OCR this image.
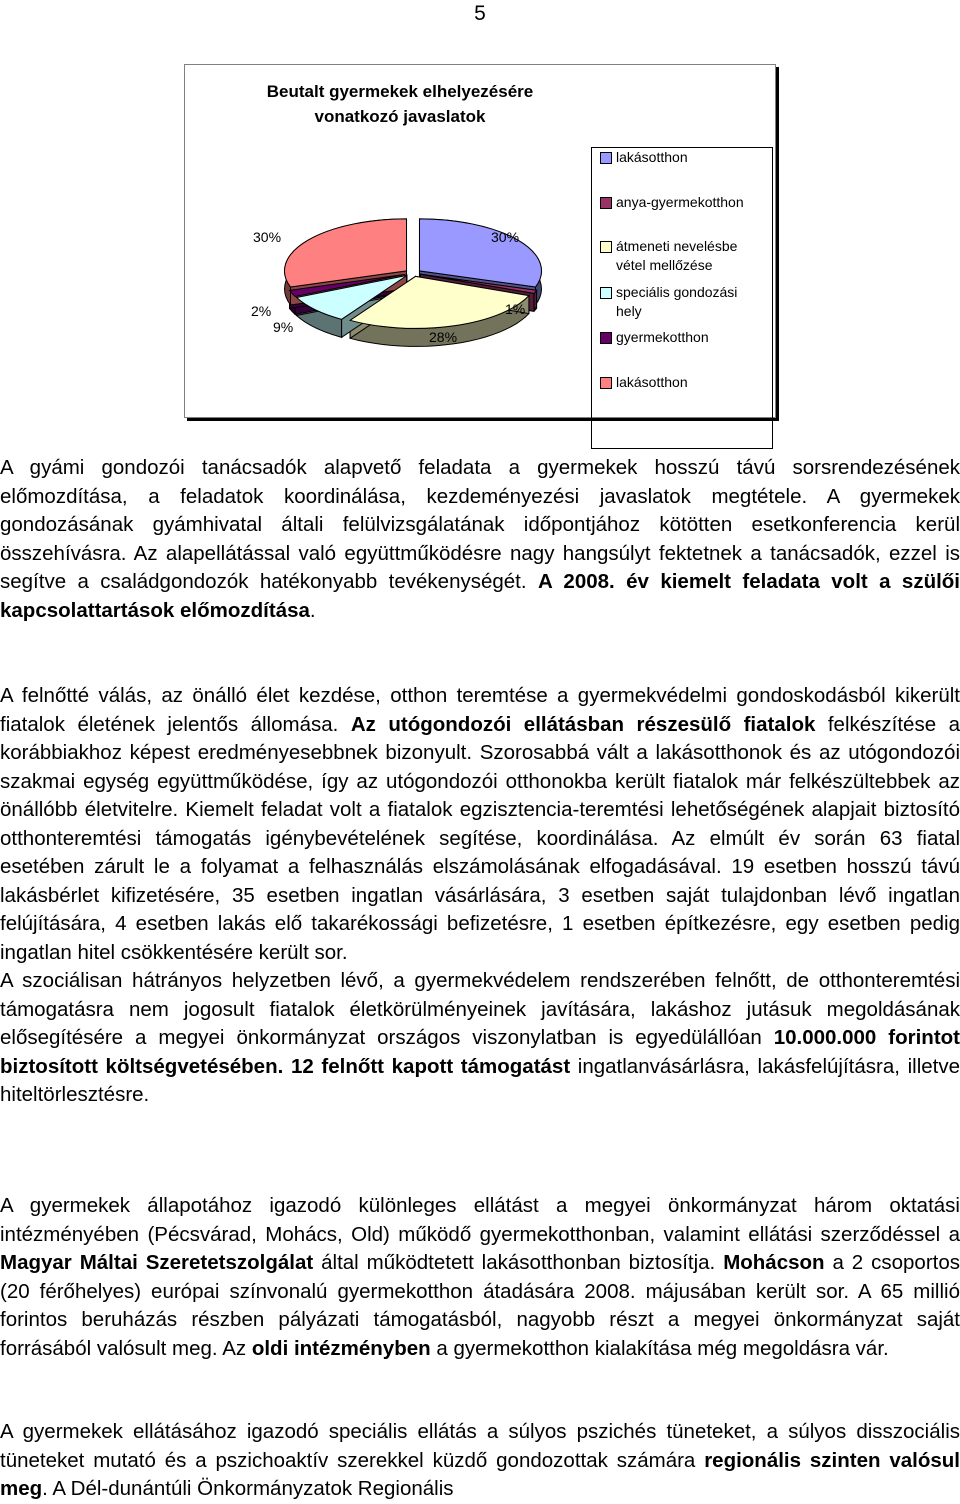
5
Beutalt gyermekek elhelyezésére vonatkozó javaslatok
30%
1%
28%
9%
2%
30%
lakásotthon
anya-gyermekotthon
átmeneti nevelésbe vétel mellőzése
speciális gondozási hely
gyermekotthon
lakásotthon

A gyámi gondozói tanácsadók alapvető feladata a gyermekek hosszú távú sorsrendezésének előmozdítása, a feladatok koordinálása, kezdeményezési javaslatok megtétele. A gyermekek gondozásának gyámhivatal általi felülvizsgálatának időpontjához kötötten esetkonferencia kerül összehívásra. Az alapellátással való együttműködésre nagy hangsúlyt fektetnek a tanácsadók, ezzel is segítve a családgondozók hatékonyabb tevékenységét. A 2008. év kiemelt feladata volt a szülői kapcsolattartások előmozdítása.

A felnőtté válás, az önálló élet kezdése, otthon teremtése a gyermekvédelmi gondoskodásból kikerült fiatalok életének jelentős állomása. Az utógondozói ellátásban részesülő fiatalok felkészítése a korábbiakhoz képest eredményesebbnek bizonyult. Szorosabbá vált a lakásotthonok és az utógondozói szakmai egység együttműködése, így az utógondozói otthonokba került fiatalok már felkészültebbek az önállóbb életvitelre. Kiemelt feladat volt a fiatalok egzisztencia-teremtési lehetőségének alapjait biztosító otthonteremtési támogatás igénybevételének segítése, koordinálása. Az elmúlt év során 63 fiatal esetében zárult le a folyamat a felhasználás elszámolásának elfogadásával. 19 esetben hosszú távú lakásbérlet kifizetésére, 35 esetben ingatlan vásárlására, 3 esetben saját tulajdonban lévő ingatlan felújítására, 4 esetben lakás elő takarékossági befizetésre, 1 esetben építkezésre, egy esetben pedig ingatlan hitel csökkentésére került sor.

A szociálisan hátrányos helyzetben lévő, a gyermekvédelem rendszerében felnőtt, de otthonteremtési támogatásra nem jogosult fiatalok életkörülményeinek javítására, lakáshoz jutásuk megoldásának elősegítésére a megyei önkormányzat országos viszonylatban is egyedülállóan 10.000.000 forintot biztosított költségvetésében. 12 felnőtt kapott támogatást ingatlanvásárlásra, lakásfelújításra, illetve hiteltörlesztésre.

A gyermekek állapotához igazodó különleges ellátást a megyei önkormányzat három oktatási intézményében (Pécsvárad, Mohács, Old) működő gyermekotthonban, valamint ellátási szerződéssel a Magyar Máltai Szeretetszolgálat által működtetett lakásotthonban biztosítja. Mohácson a 2 csoportos (20 férőhelyes) európai színvonalú gyermekotthon átadására 2008. májusában került sor. A 65 millió forintos beruházás részben pályázati támogatásból, nagyobb részt a megyei önkormányzat saját forrásából valósult meg. Az oldi intézményben a gyermekotthon kialakítása még megoldásra vár.

A gyermekek ellátásához igazodó speciális ellátás a súlyos pszichés tüneteket, a súlyos disszociális tüneteket mutató és a pszichoaktív szerekkel küzdő gondozottak számára regionális szinten valósul meg. A Dél-dunántúli Önkormányzatok Regionális
